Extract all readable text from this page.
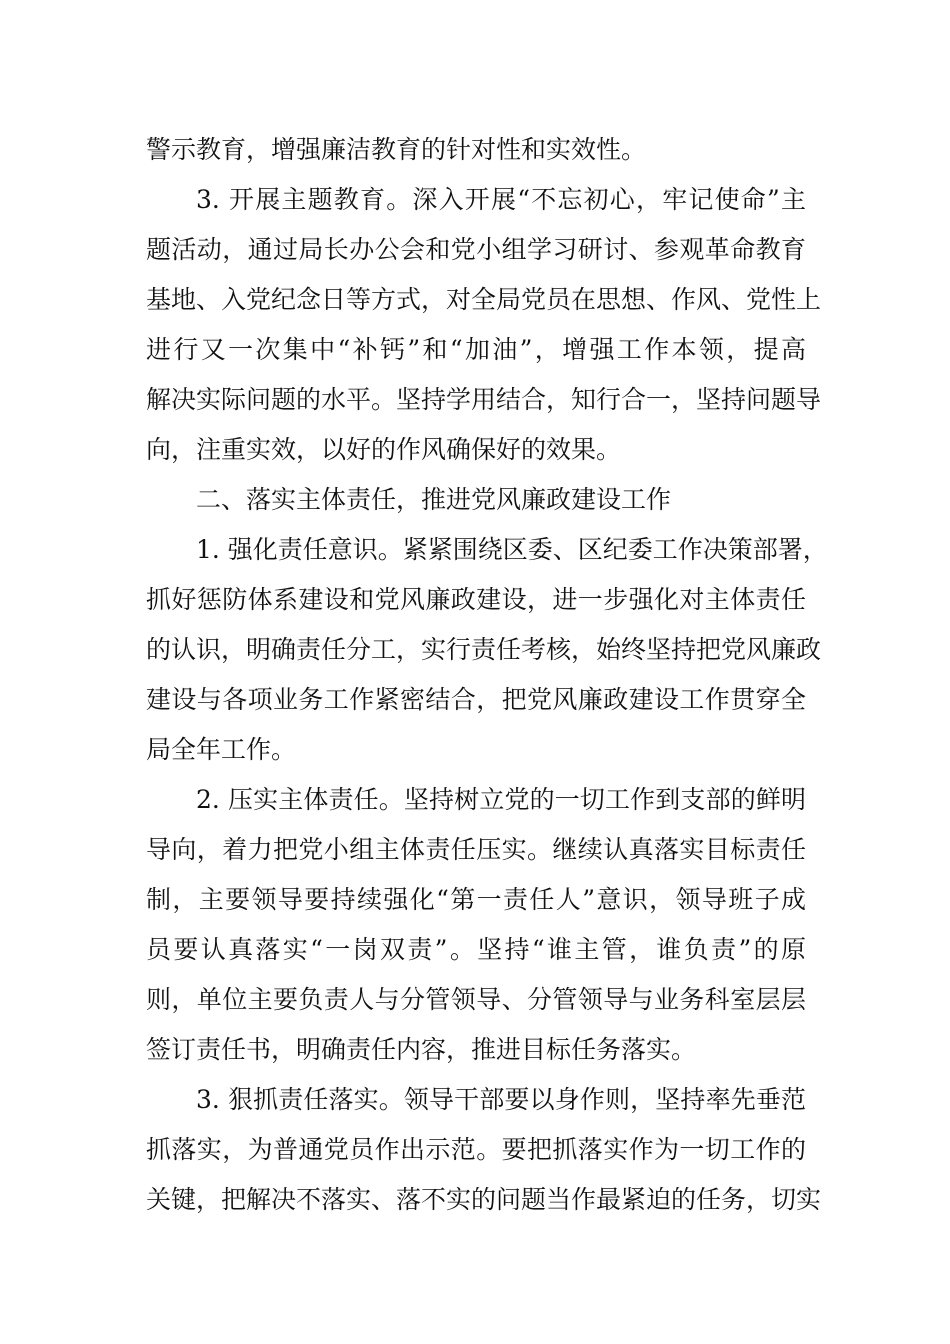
警示教育，增强廉洁教育的针对性和实效性。
3. 开展主题教育。深入开展“不忘初心，牢记使命”主
题活动，通过局长办公会和党小组学习研讨、参观革命教育
基地、入党纪念日等方式，对全局党员在思想、作风、党性上
进行又一次集中“补钙”和“加油”，增强工作本领，提高
解决实际问题的水平。坚持学用结合，知行合一，坚持问题导
向，注重实效，以好的作风确保好的效果。
二、落实主体责任，推进党风廉政建设工作
1. 强化责任意识。紧紧围绕区委、区纪委工作决策部署，
抓好惩防体系建设和党风廉政建设，进一步强化对主体责任
的认识，明确责任分工，实行责任考核，始终坚持把党风廉政
建设与各项业务工作紧密结合，把党风廉政建设工作贯穿全
局全年工作。
2. 压实主体责任。坚持树立党的一切工作到支部的鲜明
导向，着力把党小组主体责任压实。继续认真落实目标责任
制，主要领导要持续强化“第一责任人”意识，领导班子成
员要认真落实“一岗双责”。坚持“谁主管，谁负责”的原
则，单位主要负责人与分管领导、分管领导与业务科室层层
签订责任书，明确责任内容，推进目标任务落实。
3. 狠抓责任落实。领导干部要以身作则，坚持率先垂范
抓落实，为普通党员作出示范。要把抓落实作为一切工作的
关键，把解决不落实、落不实的问题当作最紧迫的任务，切实
